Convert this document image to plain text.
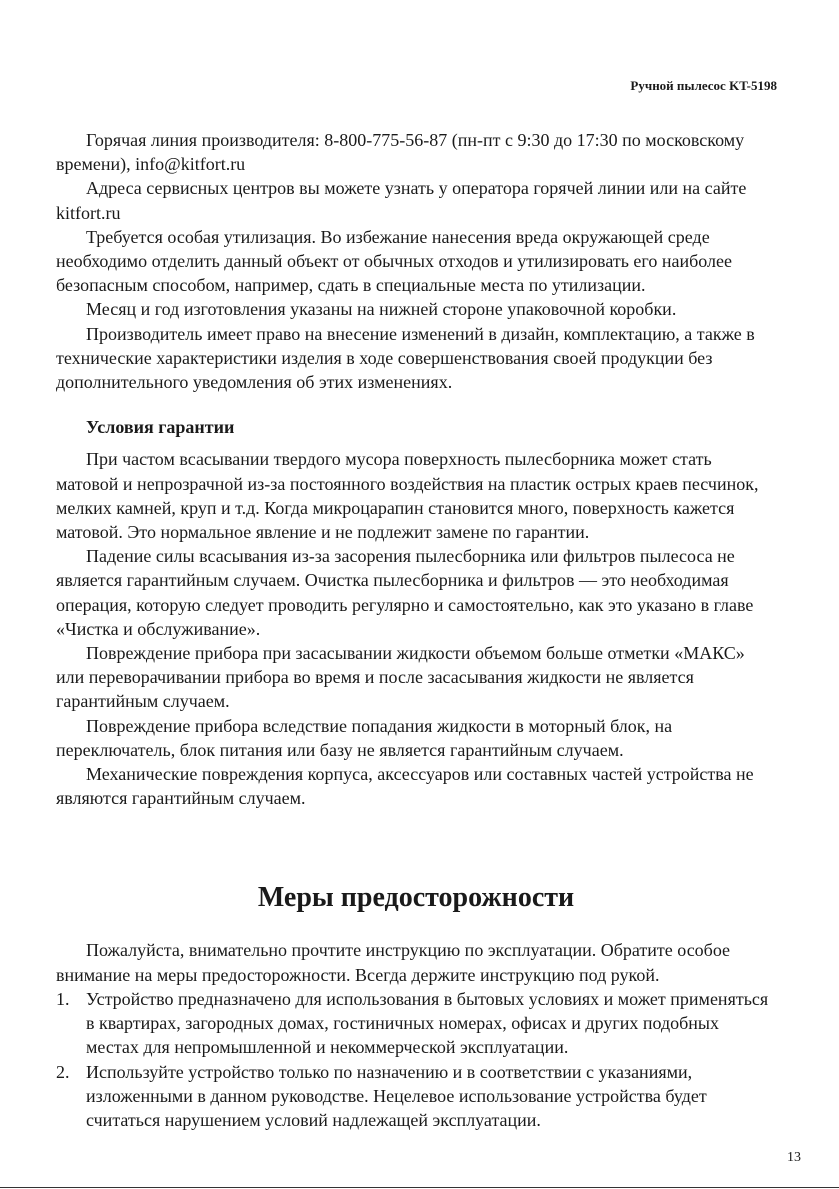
Ручной пылесос KT-5198

Горячая линия производителя: 8-800-775-56-87 (пн-пт с 9:30 до 17:30 по московскому времени), info@kitfort.ru

Адреса сервисных центров вы можете узнать у оператора горячей линии или на сайте kitfort.ru

Требуется особая утилизация. Во избежание нанесения вреда окружающей среде необходимо отделить данный объект от обычных отходов и утилизировать его наиболее безопасным способом, например, сдать в специальные места по утилизации.

Месяц и год изготовления указаны на нижней стороне упаковочной коробки.

Производитель имеет право на внесение изменений в дизайн, комплектацию, а также в технические характеристики изделия в ходе совершенствования своей продукции без дополнительного уведомления об этих изменениях.

Условия гарантии

При частом всасывании твердого мусора поверхность пылесборника может стать матовой и непрозрачной из-за постоянного воздействия на пластик острых краев песчинок, мелких камней, круп и т.д. Когда микроцарапин становится много, поверхность кажется матовой. Это нормальное явление и не подлежит замене по гарантии.

Падение силы всасывания из-за засорения пылесборника или фильтров пылесоса не является гарантийным случаем. Очистка пылесборника и фильтров — это необходимая операция, которую следует проводить регулярно и самостоятельно, как это указано в главе «Чистка и обслуживание».

Повреждение прибора при засасывании жидкости объемом больше отметки «МАКС» или переворачивании прибора во время и после засасывания жидкости не является гарантийным случаем.

Повреждение прибора вследствие попадания жидкости в моторный блок, на переключатель, блок питания или базу не является гарантийным случаем.

Механические повреждения корпуса, аксессуаров или составных частей устройства не являются гарантийным случаем.

Меры предосторожности

Пожалуйста, внимательно прочтите инструкцию по эксплуатации. Обратите особое внимание на меры предосторожности. Всегда держите инструкцию под рукой.

1. Устройство предназначено для использования в бытовых условиях и может применяться в квартирах, загородных домах, гостиничных номерах, офисах и других подобных местах для непромышленной и некоммерческой эксплуатации.
2. Используйте устройство только по назначению и в соответствии с указаниями, изложенными в данном руководстве. Нецелевое использование устройства будет считаться нарушением условий надлежащей эксплуатации.
13
